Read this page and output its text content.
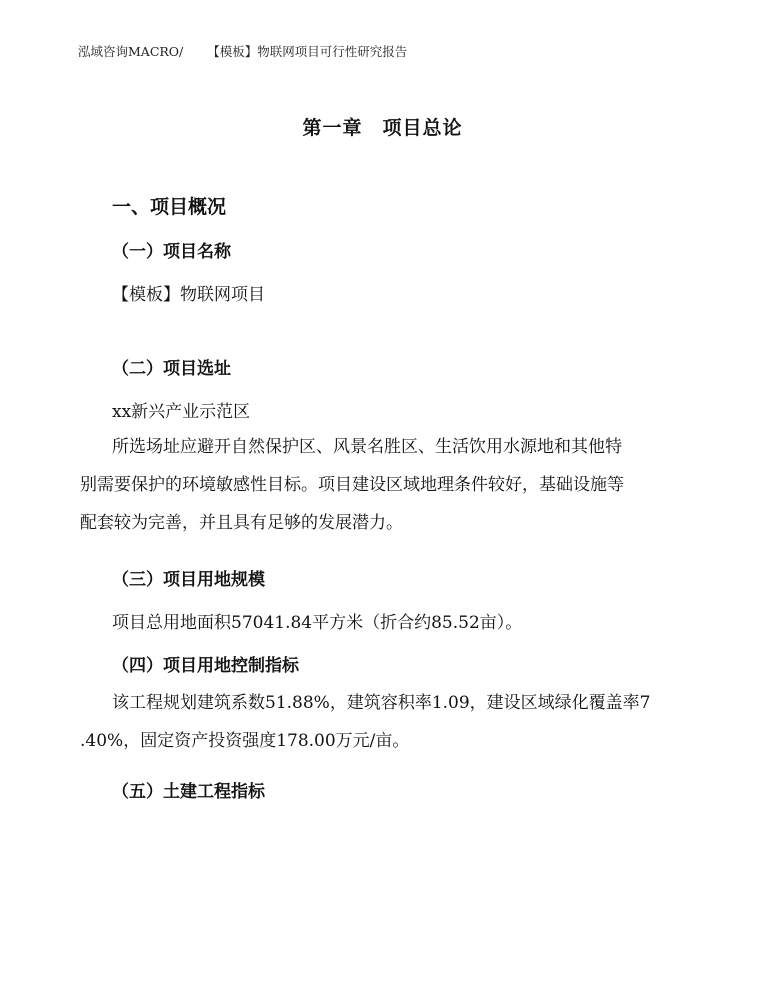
泓域咨询MACRO/ 【模板】物联网项目可行性研究报告
第一章　项目总论
一、项目概况
（一）项目名称
【模板】物联网项目
（二）项目选址
xx新兴产业示范区
所选场址应避开自然保护区、风景名胜区、生活饮用水源地和其他特
别需要保护的环境敏感性目标。项目建设区域地理条件较好，基础设施等
配套较为完善，并且具有足够的发展潜力。
（三）项目用地规模
项目总用地面积57041.84平方米（折合约85.52亩）。
（四）项目用地控制指标
该工程规划建筑系数51.88%，建筑容积率1.09，建设区域绿化覆盖率7
.40%，固定资产投资强度178.00万元/亩。
（五）土建工程指标
